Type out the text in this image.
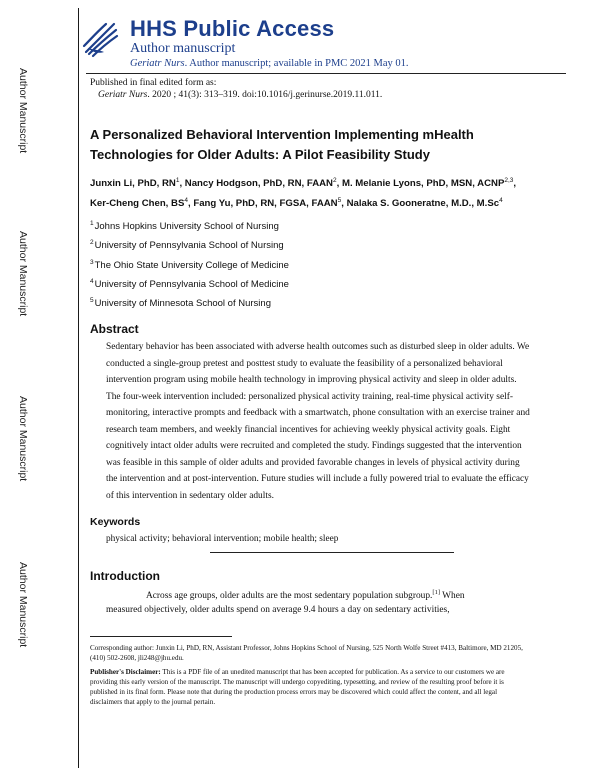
Author Manuscript
Author Manuscript
Author Manuscript
Author Manuscript
HHS Public Access
Author manuscript
Geriatr Nurs. Author manuscript; available in PMC 2021 May 01.
Published in final edited form as:
Geriatr Nurs. 2020 ; 41(3): 313–319. doi:10.1016/j.gerinurse.2019.11.011.
A Personalized Behavioral Intervention Implementing mHealth Technologies for Older Adults: A Pilot Feasibility Study
Junxin Li, PhD, $RN^1$, Nancy Hodgson, PhD, RN, FAAN$^2$, M. Melanie Lyons, PhD, MSN, ACNP$^{2,3}$, Ker-Cheng Chen, $BS^4$, Fang Yu, PhD, RN, FGSA, FAAN$^5$, Nalaka S. Gooneratne, M.D., M.Sc$^4$
$^1$Johns Hopkins University School of Nursing
$^2$University of Pennsylvania School of Nursing
$^3$The Ohio State University College of Medicine
$^4$University of Pennsylvania School of Medicine
$^5$University of Minnesota School of Nursing
Abstract

Sedentary behavior has been associated with adverse health outcomes such as disturbed sleep in older adults. We conducted a single-group pretest and posttest study to evaluate the feasibility of a personalized behavioral intervention program using mobile health technology in improving physical activity and sleep in older adults. The four-week intervention included: personalized physical activity training, real-time physical activity self-monitoring, interactive prompts and feedback with a smartwatch, phone consultation with an exercise trainer and research team members, and weekly financial incentives for achieving weekly physical activity goals. Eight cognitively intact older adults were recruited and completed the study. Findings suggested that the intervention was feasible in this sample of older adults and provided favorable changes in levels of physical activity during the intervention and at post-intervention. Future studies will include a fully powered trial to evaluate the efficacy of this intervention in sedentary older adults.

Keywords
physical activity; behavioral intervention; mobile health; sleep
Introduction
Across age groups, older adults are the most sedentary population subgroup.[1] When
measured objectively, older adults spend on average 9.4 hours a day on sedentary activities,
Corresponding author: Junxin Li, PhD, RN, Assistant Professor, Johns Hopkins School of Nursing, 525 North Wolfe Street #413, Baltimore, MD 21205, (410) 502-2608, jli248@jhu.edu.
Publisher's Disclaimer: This is a PDF file of an unedited manuscript that has been accepted for publication. As a service to our customers we are providing this early version of the manuscript. The manuscript will undergo copyediting, typesetting, and review of the resulting proof before it is published in its final form. Please note that during the production process errors may be discovered which could affect the content, and all legal disclaimers that apply to the journal pertain.
